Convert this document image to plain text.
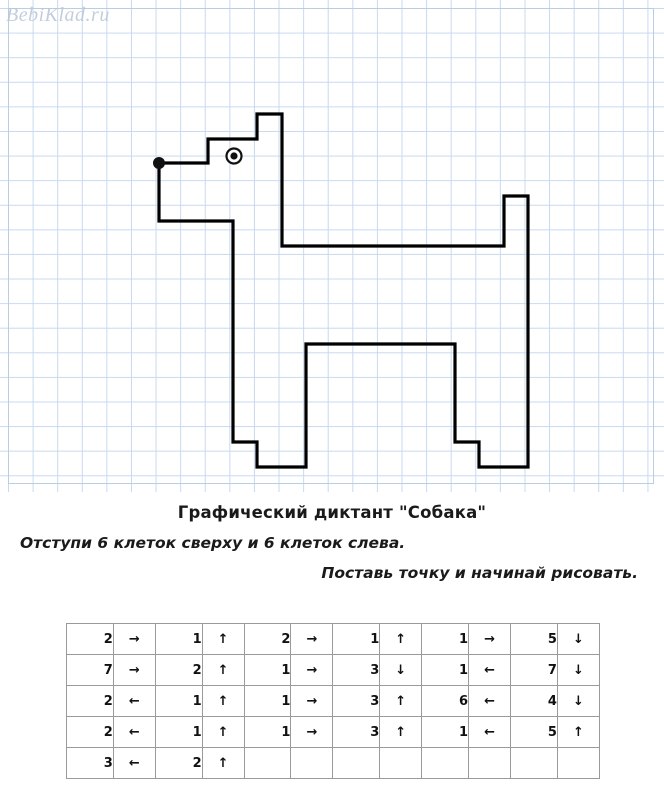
BebiKlad.ru
Графический диктант "Собака"
Отступи 6 клеток сверху и 6 клеток слева.
Поставь точку и начинай рисовать.
2	→	1	↑	2	→	1	↑	1	→	5	↓
7	→	2	↑	1	→	3	↓	1	←	7	↓
2	←	1	↑	1	→	3	↑	6	←	4	↓
2	←	1	↑	1	→	3	↑	1	←	5	↑
3	←	2	↑								
